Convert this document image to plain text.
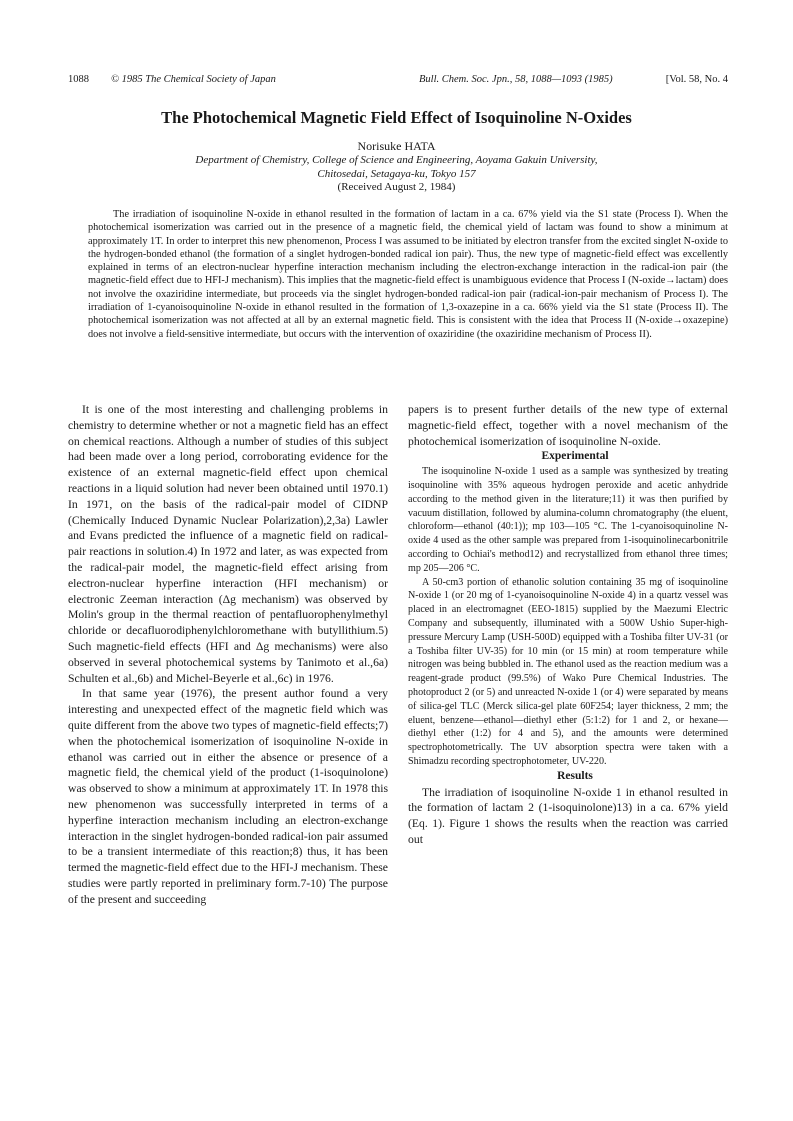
1088 © 1985 The Chemical Society of Japan	Bull. Chem. Soc. Jpn., 58, 1088—1093 (1985)	[Vol. 58, No. 4
The Photochemical Magnetic Field Effect of Isoquinoline N-Oxides
Norisuke HATA
Department of Chemistry, College of Science and Engineering, Aoyama Gakuin University,
Chitosedai, Setagaya-ku, Tokyo 157
(Received August 2, 1984)

The irradiation of isoquinoline N-oxide in ethanol resulted in the formation of lactam in a ca. 67% yield via the S1 state (Process I). When the photochemical isomerization was carried out in the presence of a magnetic field, the chemical yield of lactam was found to show a minimum at approximately 1T. In order to interpret this new phenomenon, Process I was assumed to be initiated by electron transfer from the excited singlet N-oxide to the hydrogen-bonded ethanol (the formation of a singlet hydrogen-bonded radical ion pair). Thus, the new type of magnetic-field effect was excellently explained in terms of an electron-nuclear hyperfine interaction mechanism including the electron-exchange interaction in the radical-ion pair (the magnetic-field effect due to HFI-J mechanism). This implies that the magnetic-field effect is unambiguous evidence that Process I (N-oxide→lactam) does not involve the oxaziridine intermediate, but proceeds via the singlet hydrogen-bonded radical-ion pair (radical-ion-pair mechanism of Process I). The irradiation of 1-cyanoisoquinoline N-oxide in ethanol resulted in the formation of 1,3-oxazepine in a ca. 66% yield via the S1 state (Process II). The photochemical isomerization was not affected at all by an external magnetic field. This is consistent with the idea that Process II (N-oxide→oxazepine) does not involve a field-sensitive intermediate, but occurs with the intervention of oxaziridine (the oxaziridine mechanism of Process II).

It is one of the most interesting and challenging problems in chemistry to determine whether or not a magnetic field has an effect on chemical reactions. Although a number of studies of this subject had been made over a long period, corroborating evidence for the existence of an external magnetic-field effect upon chemical reactions in a liquid solution had never been obtained until 1970.1) In 1971, on the basis of the radical-pair model of CIDNP (Chemically Induced Dynamic Nuclear Polarization),2,3a) Lawler and Evans predicted the influence of a magnetic field on radical-pair reactions in solution.4) In 1972 and later, as was expected from the radical-pair model, the magnetic-field effect arising from electron-nuclear hyperfine interaction (HFI mechanism) or electronic Zeeman interaction (Δg mechanism) was observed by Molin's group in the thermal reaction of pentafluorophenylmethyl chloride or decafluorodiphenylchloromethane with butyllithium.5) Such magnetic-field effects (HFI and Δg mechanisms) were also observed in several photochemical systems by Tanimoto et al.,6a) Schulten et al.,6b) and Michel-Beyerle et al.,6c) in 1976.

In that same year (1976), the present author found a very interesting and unexpected effect of the magnetic field which was quite different from the above two types of magnetic-field effects;7) when the photochemical isomerization of isoquinoline N-oxide in ethanol was carried out in either the absence or presence of a magnetic field, the chemical yield of the product (1-isoquinolone) was observed to show a minimum at approximately 1T. In 1978 this new phenomenon was successfully interpreted in terms of a hyperfine interaction mechanism including an electron-exchange interaction in the singlet hydrogen-bonded radical-ion pair assumed to be a transient intermediate of this reaction;8) thus, it has been termed the magnetic-field effect due to the HFI-J mechanism. These studies were partly reported in preliminary form.7-10) The purpose of the present and succeeding

papers is to present further details of the new type of external magnetic-field effect, together with a novel mechanism of the photochemical isomerization of isoquinoline N-oxide.

Experimental

The isoquinoline N-oxide 1 used as a sample was synthesized by treating isoquinoline with 35% aqueous hydrogen peroxide and acetic anhydride according to the method given in the literature;11) it was then purified by vacuum distillation, followed by alumina-column chromatography (the eluent, chloroform—ethanol (40:1)); mp 103—105 °C. The 1-cyanoisoquinoline N-oxide 4 used as the other sample was prepared from 1-isoquinolinecarbonitrile according to Ochiai's method12) and recrystallized from ethanol three times; mp 205—206 °C.

A 50-cm3 portion of ethanolic solution containing 35 mg of isoquinoline N-oxide 1 (or 20 mg of 1-cyanoisoquinoline N-oxide 4) in a quartz vessel was placed in an electromagnet (EEO-1815) supplied by the Maezumi Electric Company and subsequently, illuminated with a 500W Ushio Super-high-pressure Mercury Lamp (USH-500D) equipped with a Toshiba filter UV-31 (or a Toshiba filter UV-35) for 10 min (or 15 min) at room temperature while nitrogen was being bubbled in. The ethanol used as the reaction medium was a reagent-grade product (99.5%) of Wako Pure Chemical Industries. The photoproduct 2 (or 5) and unreacted N-oxide 1 (or 4) were separated by means of silica-gel TLC (Merck silica-gel plate 60F254; layer thickness, 2 mm; the eluent, benzene—ethanol—diethyl ether (5:1:2) for 1 and 2, or hexane—diethyl ether (1:2) for 4 and 5), and the amounts were determined spectrophotometrically. The UV absorption spectra were taken with a Shimadzu recording spectrophotometer, UV-220.

Results

The irradiation of isoquinoline N-oxide 1 in ethanol resulted in the formation of lactam 2 (1-isoquinolone)13) in a ca. 67% yield (Eq. 1). Figure 1 shows the results when the reaction was carried out
